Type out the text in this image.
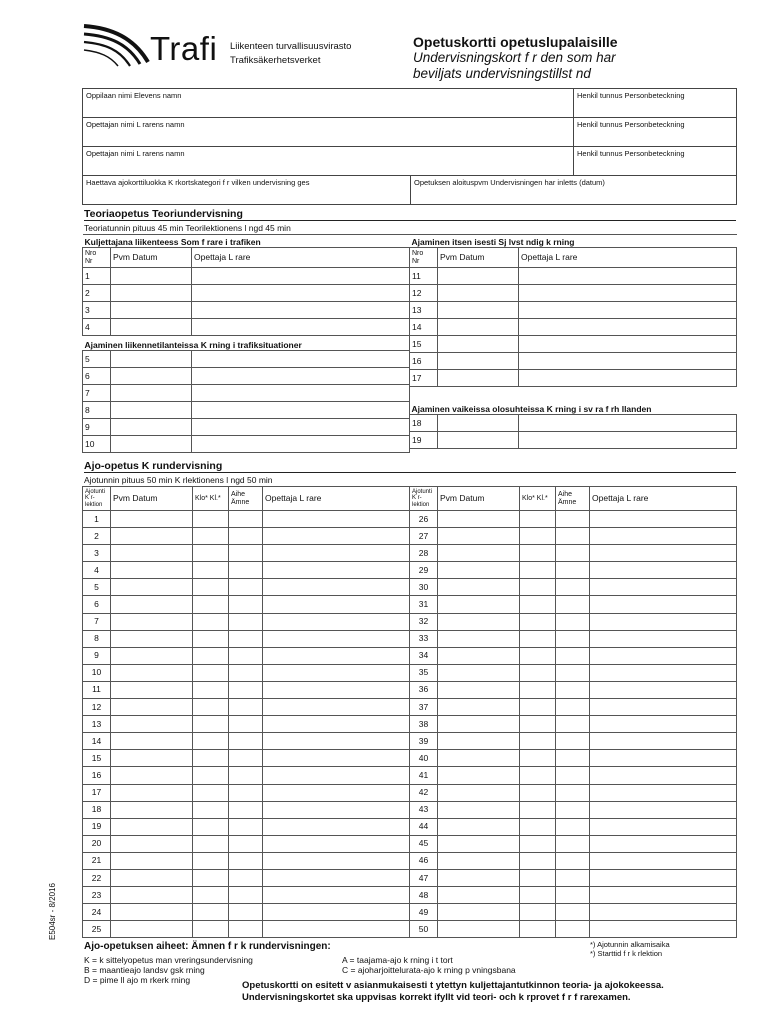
Trafi Liikenteen turvallisuusvirasto
Trafiksäkerhetsverket
Opetuskortti opetuslupalaisille
Undervisningskort f r den som har
beviljats undervisningstillst nd
Oppilaan nimi Elevens namn		Henkil tunnus Personbeteckning
Opettajan nimi L rarens namn		Henkil tunnus Personbeteckning
Opettajan nimi L rarens namn		Henkil tunnus Personbeteckning
Haettava ajokorttiluokka K rkortskategori f r vilken undervisning ges	Opetuksen aloituspvm Undervisningen har inletts (datum)	
Teoriaopetus Teoriundervisning
Teoriatunnin pituus 45 min Teorilektionens l ngd 45 min
Kuljettajana liikenteess Som f rare i trafiken		
Nro
Nr	Pvm Datum	Opettaja L rare
1		
2		
3		
4		
Ajaminen liikennetilanteissa K rning i trafiksituationer		
5		
6		
7		
8		
9		
10		
Ajaminen itsen isesti Sj lvst ndig k rning		
Nro
Nr	Pvm Datum	Opettaja L rare
11		
12		
13		
14		
15		
16		
17		
Ajaminen vaikeissa olosuhteissa K rning i sv ra f rh llanden		
18		
19		
Ajo-opetus K rundervisning
Ajotunnin pituus 50 min K rlektionens l ngd 50 min
Ajotunti K r-lektion	Pvm Datum	Klo* Kl.*	Aihe Ämne	Opettaja L rare
1				
2				
3				
4				
5				
6				
7				
8				
9				
10				
11				
12				
13				
14				
15				
16				
17				
18				
19				
20				
21				
22				
23				
24				
25				
Ajotunti K r-lektion	Pvm Datum	Klo* Kl.*	Aihe Ämne	Opettaja L rare
26				
27				
28				
29				
30				
31				
32				
33				
34				
35				
36				
37				
38				
39				
40				
41				
42				
43				
44				
45				
46				
47				
48				
49				
50				
E504sr - 8/2016
Ajo-opetuksen aiheet: Ämnen f r k rundervisningen:
K = k sittelyopetus man vreringsundervisning
B = maantieajo landsv gsk rning
D = pime ll ajo m rkerk rning
A = taajama-ajo k rning i t tort
C = ajoharjoittelurata-ajo k rning p vningsbana
*) Ajotunnin alkamisaika
*) Starttid f r k rlektion
Opetuskortti on esitett v asianmukaisesti t ytettyn kuljettajantutkinnon teoria- ja ajokokeessa.
Undervisningskortet ska uppvisas korrekt ifyllt vid teori- och k rprovet f r f rarexamen.
